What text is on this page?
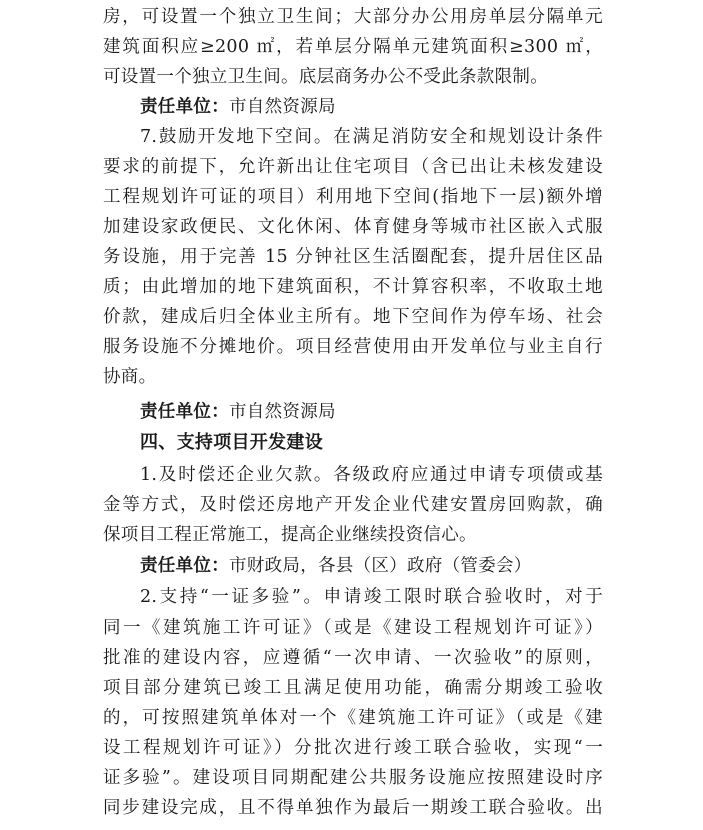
房，可设置一个独立卫生间；大部分办公用房单层分隔单元
建筑面积应≥200 ㎡，若单层分隔单元建筑面积≥300 ㎡，
可设置一个独立卫生间。底层商务办公不受此条款限制。
责任单位：市自然资源局
7.鼓励开发地下空间。在满足消防安全和规划设计条件
要求的前提下，允许新出让住宅项目（含已出让未核发建设
工程规划许可证的项目）利用地下空间(指地下一层)额外增
加建设家政便民、文化休闲、体育健身等城市社区嵌入式服
务设施，用于完善 15 分钟社区生活圈配套，提升居住区品
质；由此增加的地下建筑面积，不计算容积率，不收取土地
价款，建成后归全体业主所有。地下空间作为停车场、社会
服务设施不分摊地价。项目经营使用由开发单位与业主自行
协商。
责任单位：市自然资源局
四、支持项目开发建设
1.及时偿还企业欠款。各级政府应通过申请专项债或基
金等方式，及时偿还房地产开发企业代建安置房回购款，确
保项目工程正常施工，提高企业继续投资信心。
责任单位：市财政局，各县（区）政府（管委会）
2.支持“一证多验”。申请竣工限时联合验收时，对于
同一《建筑施工许可证》（或是《建设工程规划许可证》）
批准的建设内容，应遵循“一次申请、一次验收”的原则，
项目部分建筑已竣工且满足使用功能，确需分期竣工验收
的，可按照建筑单体对一个《建筑施工许可证》（或是《建
设工程规划许可证》）分批次进行竣工联合验收，实现“一
证多验”。建设项目同期配建公共服务设施应按照建设时序
同步建设完成，且不得单独作为最后一期竣工联合验收。出
